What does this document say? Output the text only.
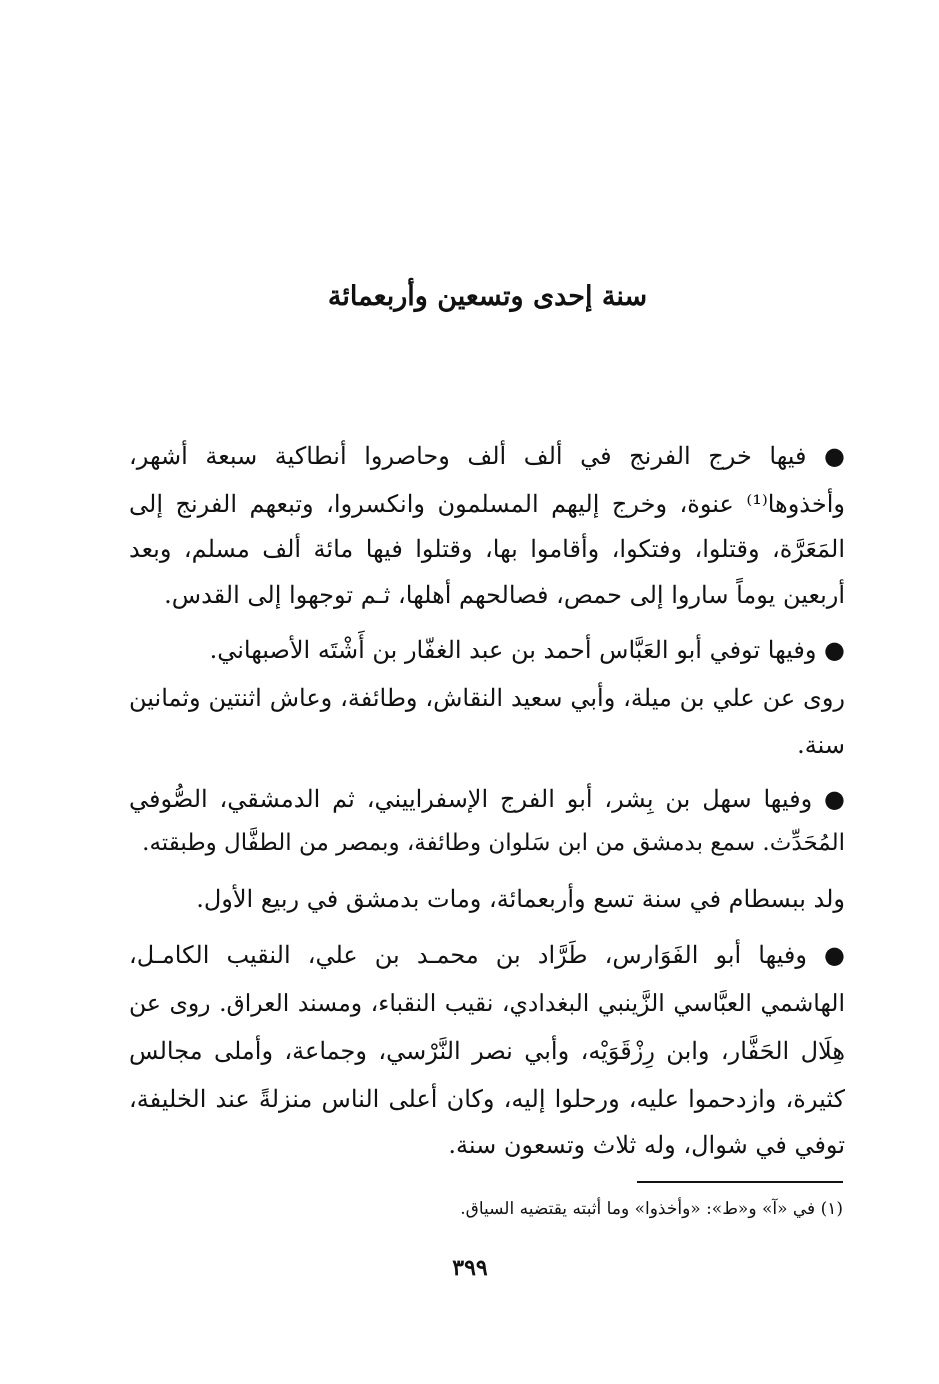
سنة إحدى وتسعين وأربعمائة

● فيها خرج الفرنج في ألف ألف وحاصروا أنطاكية سبعة أشهر،

وأخذوها⁽¹⁾ عنوة، وخرج إليهم المسلمون وانكسروا، وتبعهم الفرنج إلى

المَعَرَّة، وقتلوا، وفتكوا، وأقاموا بها، وقتلوا فيها مائة ألف مسلم، وبعد

أربعين يوماً ساروا إلى حمص، فصالحهم أهلها، ثـم توجهوا إلى القدس.

● وفيها توفي أبو العَبَّاس أحمد بن عبد الغفّار بن أَشْتَه الأصبهاني.

روى عن علي بن ميلة، وأبي سعيد النقاش، وطائفة، وعاش اثنتين وثمانين

سنة.

● وفيها سهل بن بِشر، أبو الفرج الإسفراييني، ثم الدمشقي، الصُّوفي

المُحَدِّث. سمع بدمشق من ابن سَلوان وطائفة، وبمصر من الطفَّال وطبقته.

ولد ببسطام في سنة تسع وأربعمائة، ومات بدمشق في ربيع الأول.

● وفيها أبو الفَوَارس، طَرَّاد بن محمـد بن علي، النقيب الكامـل،

الهاشمي العبَّاسي الزَّينبي البغدادي، نقيب النقباء، ومسند العراق. روى عن

هِلَال الحَفَّار، وابن رِزْقَوَيْه، وأبي نصر النَّرْسي، وجماعة، وأملى مجالس

كثيرة، وازدحموا عليه، ورحلوا إليه، وكان أعلى الناس منزلةً عند الخليفة،

توفي في شوال، وله ثلاث وتسعون سنة.

(١) في «آ» و«ط»: «وأخذوا» وما أثبته يقتضيه السياق.

٣٩٩
